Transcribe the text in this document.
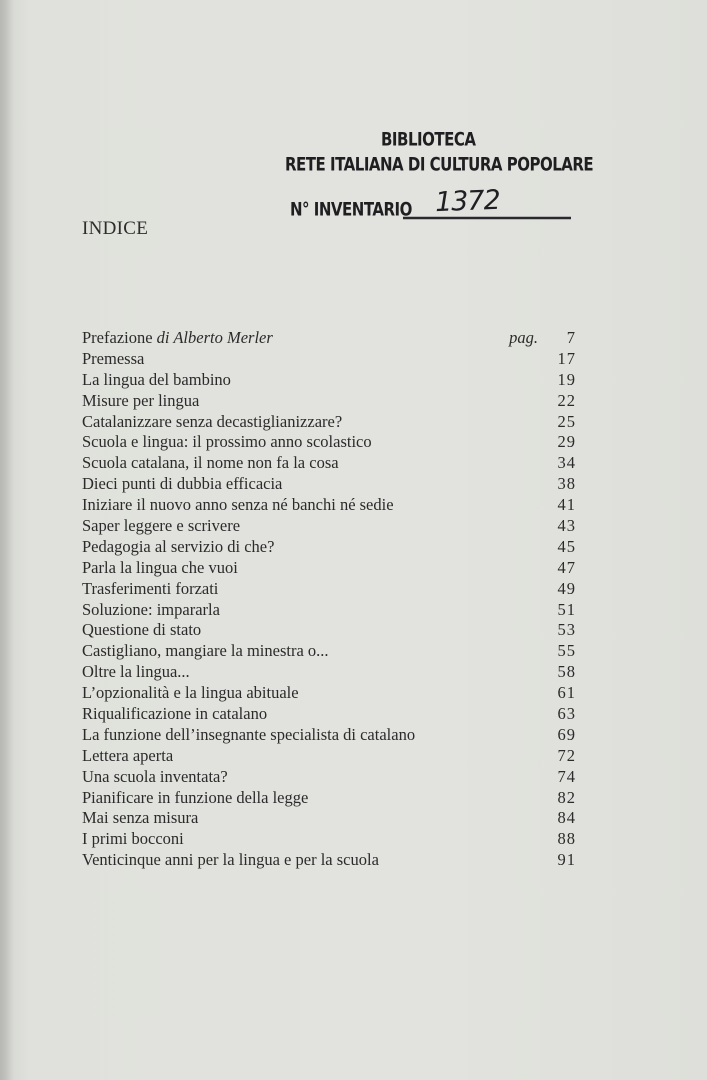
BIBLIOTECA
RETE ITALIANA DI CULTURA POPOLARE
N° INVENTARIO 1372
INDICE
Prefazione di Alberto Merler	pag. 7
Premessa	17
La lingua del bambino	19
Misure per lingua	22
Catalanizzare senza decastiglianizzare?	25
Scuola e lingua: il prossimo anno scolastico	29
Scuola catalana, il nome non fa la cosa	34
Dieci punti di dubbia efficacia	38
Iniziare il nuovo anno senza né banchi né sedie	41
Saper leggere e scrivere	43
Pedagogia al servizio di che?	45
Parla la lingua che vuoi	47
Trasferimenti forzati	49
Soluzione: impararla	51
Questione di stato	53
Castigliano, mangiare la minestra o...	55
Oltre la lingua...	58
L’opzionalità e la lingua abituale	61
Riqualificazione in catalano	63
La funzione dell’insegnante specialista di catalano	69
Lettera aperta	72
Una scuola inventata?	74
Pianificare in funzione della legge	82
Mai senza misura	84
I primi bocconi	88
Venticinque anni per la lingua e per la scuola	91
